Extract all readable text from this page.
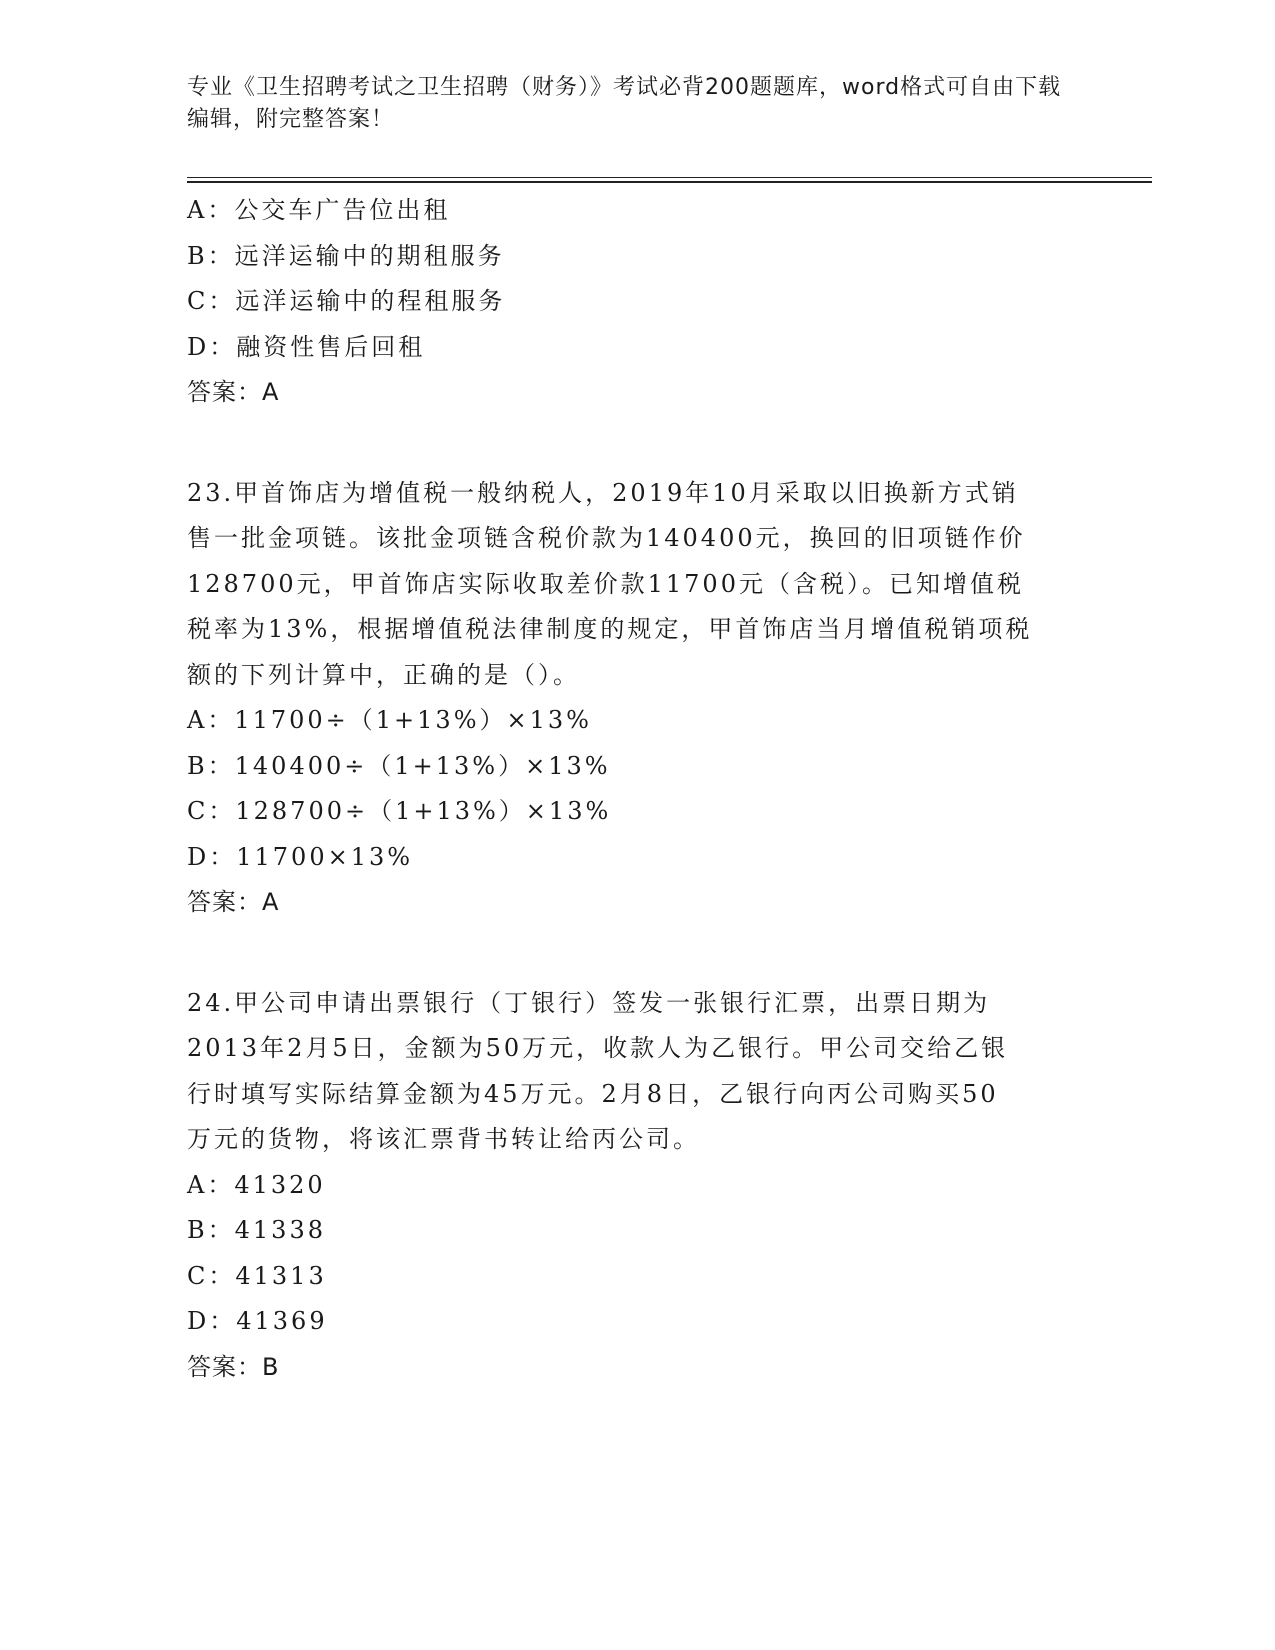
专业《卫生招聘考试之卫生招聘（财务）》考试必背200题题库，word格式可自由下载编辑，附完整答案！
A：公交车广告位出租
B：远洋运输中的期租服务
C：远洋运输中的程租服务
D：融资性售后回租
答案：A
23.甲首饰店为增值税一般纳税人，2019年10月采取以旧换新方式销
售一批金项链。该批金项链含税价款为140400元，换回的旧项链作价
128700元，甲首饰店实际收取差价款11700元（含税）。已知增值税
税率为13%，根据增值税法律制度的规定，甲首饰店当月增值税销项税
额的下列计算中，正确的是（）。
A：11700÷（1+13%）×13%
B：140400÷（1+13%）×13%
C：128700÷（1+13%）×13%
D：11700×13%
答案：A
24.甲公司申请出票银行（丁银行）签发一张银行汇票，出票日期为
2013年2月5日，金额为50万元，收款人为乙银行。甲公司交给乙银
行时填写实际结算金额为45万元。2月8日，乙银行向丙公司购买50
万元的货物，将该汇票背书转让给丙公司。
A：41320
B：41338
C：41313
D：41369
答案：B
